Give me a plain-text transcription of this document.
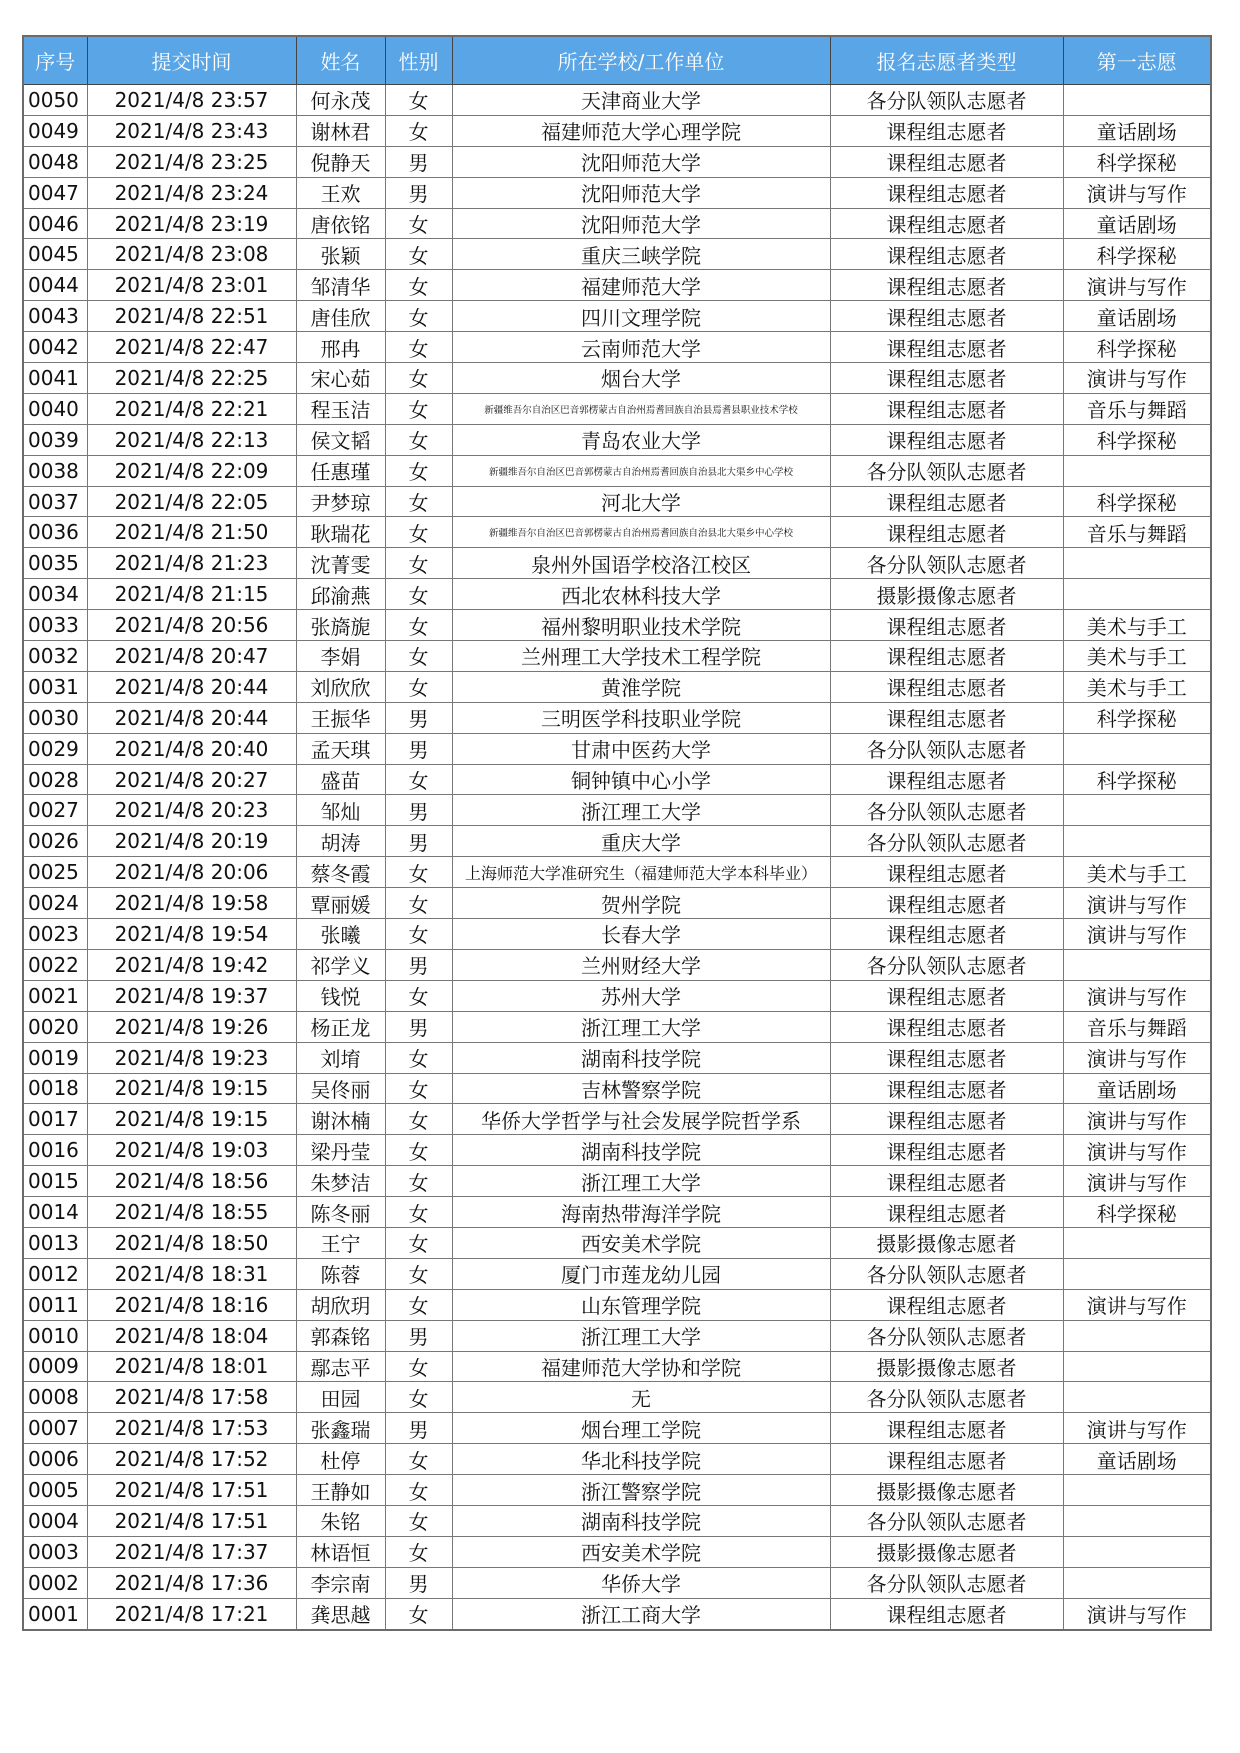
序号	提交时间	姓名	性别	所在学校/工作单位	报名志愿者类型	第一志愿
0050	2021/4/8 23:57	何永茂	女	天津商业大学	各分队领队志愿者	
0049	2021/4/8 23:43	谢林君	女	福建师范大学心理学院	课程组志愿者	童话剧场
0048	2021/4/8 23:25	倪静天	男	沈阳师范大学	课程组志愿者	科学探秘
0047	2021/4/8 23:24	王欢	男	沈阳师范大学	课程组志愿者	演讲与写作
0046	2021/4/8 23:19	唐依铭	女	沈阳师范大学	课程组志愿者	童话剧场
0045	2021/4/8 23:08	张颖	女	重庆三峡学院	课程组志愿者	科学探秘
0044	2021/4/8 23:01	邹清华	女	福建师范大学	课程组志愿者	演讲与写作
0043	2021/4/8 22:51	唐佳欣	女	四川文理学院	课程组志愿者	童话剧场
0042	2021/4/8 22:47	邢冉	女	云南师范大学	课程组志愿者	科学探秘
0041	2021/4/8 22:25	宋心茹	女	烟台大学	课程组志愿者	演讲与写作
0040	2021/4/8 22:21	程玉洁	女	新疆维吾尔自治区巴音郭楞蒙古自治州焉耆回族自治县焉耆县职业技术学校	课程组志愿者	音乐与舞蹈
0039	2021/4/8 22:13	侯文韬	女	青岛农业大学	课程组志愿者	科学探秘
0038	2021/4/8 22:09	任惠瑾	女	新疆维吾尔自治区巴音郭楞蒙古自治州焉耆回族自治县北大渠乡中心学校	各分队领队志愿者	
0037	2021/4/8 22:05	尹梦琼	女	河北大学	课程组志愿者	科学探秘
0036	2021/4/8 21:50	耿瑞花	女	新疆维吾尔自治区巴音郭楞蒙古自治州焉耆回族自治县北大渠乡中心学校	课程组志愿者	音乐与舞蹈
0035	2021/4/8 21:23	沈菁雯	女	泉州外国语学校洛江校区	各分队领队志愿者	
0034	2021/4/8 21:15	邱渝燕	女	西北农林科技大学	摄影摄像志愿者	
0033	2021/4/8 20:56	张旖旎	女	福州黎明职业技术学院	课程组志愿者	美术与手工
0032	2021/4/8 20:47	李娟	女	兰州理工大学技术工程学院	课程组志愿者	美术与手工
0031	2021/4/8 20:44	刘欣欣	女	黄淮学院	课程组志愿者	美术与手工
0030	2021/4/8 20:44	王振华	男	三明医学科技职业学院	课程组志愿者	科学探秘
0029	2021/4/8 20:40	孟天琪	男	甘肃中医药大学	各分队领队志愿者	
0028	2021/4/8 20:27	盛苗	女	铜钟镇中心小学	课程组志愿者	科学探秘
0027	2021/4/8 20:23	邹灿	男	浙江理工大学	各分队领队志愿者	
0026	2021/4/8 20:19	胡涛	男	重庆大学	各分队领队志愿者	
0025	2021/4/8 20:06	蔡冬霞	女	上海师范大学准研究生（福建师范大学本科毕业）	课程组志愿者	美术与手工
0024	2021/4/8 19:58	覃丽媛	女	贺州学院	课程组志愿者	演讲与写作
0023	2021/4/8 19:54	张曦	女	长春大学	课程组志愿者	演讲与写作
0022	2021/4/8 19:42	祁学义	男	兰州财经大学	各分队领队志愿者	
0021	2021/4/8 19:37	钱悦	女	苏州大学	课程组志愿者	演讲与写作
0020	2021/4/8 19:26	杨正龙	男	浙江理工大学	课程组志愿者	音乐与舞蹈
0019	2021/4/8 19:23	刘堉	女	湖南科技学院	课程组志愿者	演讲与写作
0018	2021/4/8 19:15	吴佟丽	女	吉林警察学院	课程组志愿者	童话剧场
0017	2021/4/8 19:15	谢沐楠	女	华侨大学哲学与社会发展学院哲学系	课程组志愿者	演讲与写作
0016	2021/4/8 19:03	梁丹莹	女	湖南科技学院	课程组志愿者	演讲与写作
0015	2021/4/8 18:56	朱梦洁	女	浙江理工大学	课程组志愿者	演讲与写作
0014	2021/4/8 18:55	陈冬丽	女	海南热带海洋学院	课程组志愿者	科学探秘
0013	2021/4/8 18:50	王宁	女	西安美术学院	摄影摄像志愿者	
0012	2021/4/8 18:31	陈蓉	女	厦门市莲龙幼儿园	各分队领队志愿者	
0011	2021/4/8 18:16	胡欣玥	女	山东管理学院	课程组志愿者	演讲与写作
0010	2021/4/8 18:04	郭森铭	男	浙江理工大学	各分队领队志愿者	
0009	2021/4/8 18:01	鄢志平	女	福建师范大学协和学院	摄影摄像志愿者	
0008	2021/4/8 17:58	田园	女	无	各分队领队志愿者	
0007	2021/4/8 17:53	张鑫瑞	男	烟台理工学院	课程组志愿者	演讲与写作
0006	2021/4/8 17:52	杜停	女	华北科技学院	课程组志愿者	童话剧场
0005	2021/4/8 17:51	王静如	女	浙江警察学院	摄影摄像志愿者	
0004	2021/4/8 17:51	朱铭	女	湖南科技学院	各分队领队志愿者	
0003	2021/4/8 17:37	林语恒	女	西安美术学院	摄影摄像志愿者	
0002	2021/4/8 17:36	李宗南	男	华侨大学	各分队领队志愿者	
0001	2021/4/8 17:21	龚思越	女	浙江工商大学	课程组志愿者	演讲与写作
